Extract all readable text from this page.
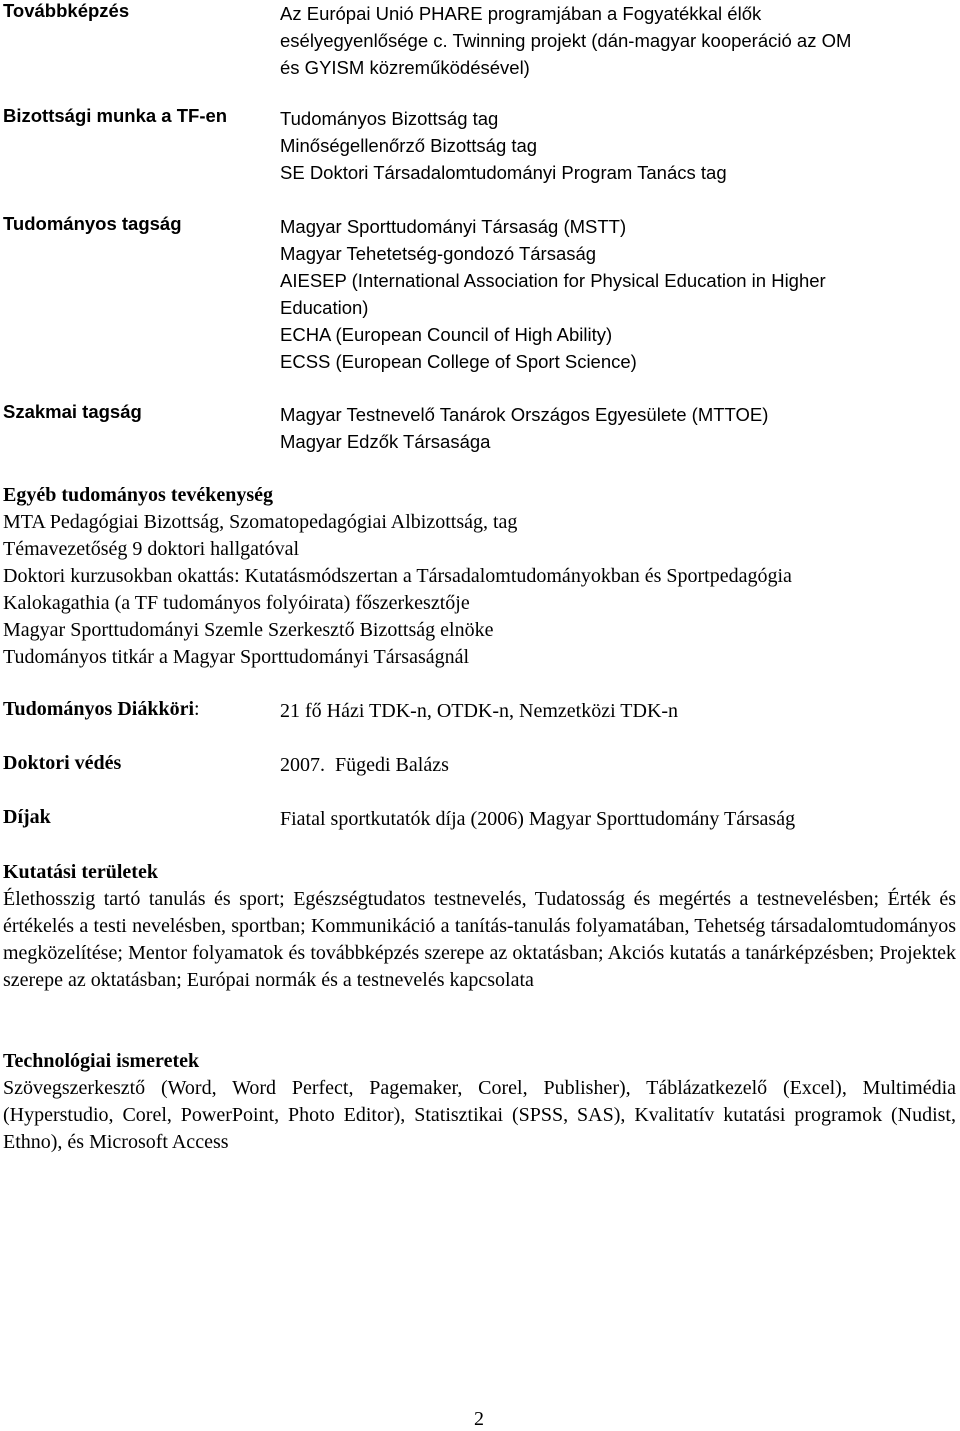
Továbbképzés	Az Európai Unió PHARE programjában a Fogyatékkal élők
esélyegyenlősége c. Twinning projekt (dán-magyar kooperáció az OM
és GYISM közreműködésével)
Bizottsági munka a TF-en	Tudományos Bizottság tag
Minőségellenőrző Bizottság tag
SE Doktori Társadalomtudományi Program Tanács tag
Tudományos tagság	Magyar Sporttudományi Társaság (MSTT)
Magyar Tehetetség-gondozó Társaság
AIESEP (International Association for Physical Education in Higher
Education)
ECHA (European Council of High Ability)
ECSS (European College of Sport Science)
Szakmai tagság	Magyar Testnevelő Tanárok Országos Egyesülete (MTTOE)
Magyar Edzők Társasága
Egyéb tudományos tevékenység
MTA Pedagógiai Bizottság, Szomatopedagógiai Albizottság, tag
Témavezetőség 9 doktori hallgatóval
Doktori kurzusokban okattás: Kutatásmódszertan a Társadalomtudományokban és Sportpedagógia
Kalokagathia (a TF tudományos folyóirata) főszerkesztője
Magyar Sporttudományi Szemle Szerkesztő Bizottság elnöke
Tudományos titkár a Magyar Sporttudományi Társaságnál
Tudományos Diákköri:	21 fő Házi TDK-n, OTDK-n, Nemzetközi TDK-n
Doktori védés	2007.  Fügedi Balázs
Díjak	Fiatal sportkutatók díja (2006) Magyar Sporttudomány Társaság
Kutatási területek
Élethosszig tartó tanulás és sport; Egészségtudatos testnevelés, Tudatosság és megértés a testnevelésben; Érték és értékelés a testi nevelésben, sportban; Kommunikáció a tanítás-tanulás folyamatában, Tehetség társadalomtudományos megközelítése; Mentor folyamatok és továbbképzés szerepe az oktatásban; Akciós kutatás a tanárképzésben; Projektek szerepe az oktatásban; Európai normák és a testnevelés kapcsolata
Technológiai ismeretek
Szövegszerkesztő (Word, Word Perfect, Pagemaker, Corel, Publisher), Táblázatkezelő (Excel), Multimédia (Hyperstudio, Corel, PowerPoint, Photo Editor), Statisztikai (SPSS, SAS), Kvalitatív kutatási programok (Nudist, Ethno), és Microsoft Access
2
